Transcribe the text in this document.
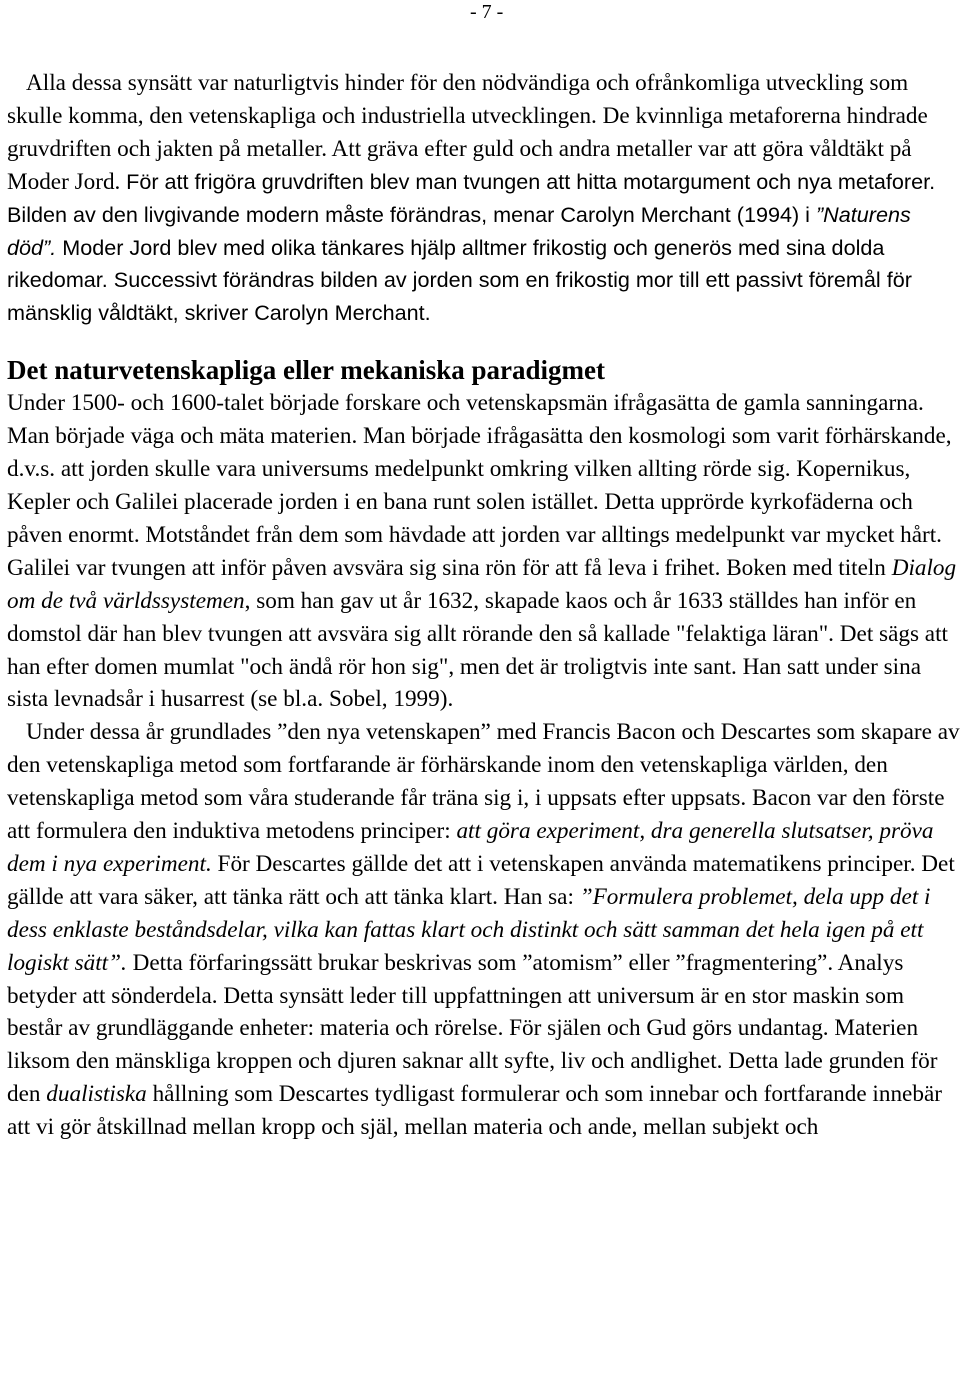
- 7 -

Alla dessa synsätt var naturligtvis hinder för den nödvändiga och ofrånkomliga utveckling som skulle komma, den vetenskapliga och industriella utvecklingen. De kvinnliga metaforerna hindrade gruvdriften och jakten på metaller. Att gräva efter guld och andra metaller var att göra våldtäkt på Moder Jord. För att frigöra gruvdriften blev man tvungen att hitta motargument och nya metaforer. Bilden av den livgivande modern måste förändras, menar Carolyn Merchant (1994) i ”Naturens död”. Moder Jord blev med olika tänkares hjälp alltmer frikostig och generös med sina dolda rikedomar. Successivt förändras bilden av jorden som en frikostig mor till ett passivt föremål för mänsklig våldtäkt, skriver Carolyn Merchant.

Det naturvetenskapliga eller mekaniska paradigmet

Under 1500- och 1600-talet började forskare och vetenskapsmän ifrågasätta de gamla sanningarna. Man började väga och mäta materien. Man började ifrågasätta den kosmologi som varit förhärskande, d.v.s. att jorden skulle vara universums medelpunkt omkring vilken allting rörde sig. Kopernikus, Kepler och Galilei placerade jorden i en bana runt solen istället. Detta upprörde kyrkofäderna och påven enormt. Motståndet från dem som hävdade att jorden var alltings medelpunkt var mycket hårt. Galilei var tvungen att inför påven avsvära sig sina rön för att få leva i frihet. Boken med titeln Dialog om de två världssystemen, som han gav ut år 1632, skapade kaos och år 1633 ställdes han inför en domstol där han blev tvungen att avsvära sig allt rörande den så kallade "felaktiga läran". Det sägs att han efter domen mumlat "och ändå rör hon sig", men det är troligtvis inte sant. Han satt under sina sista levnadsår i husarrest (se bl.a. Sobel, 1999).

Under dessa år grundlades ”den nya vetenskapen” med Francis Bacon och Descartes som skapare av den vetenskapliga metod som fortfarande är förhärskande inom den vetenskapliga världen, den vetenskapliga metod som våra studerande får träna sig i, i uppsats efter uppsats. Bacon var den förste att formulera den induktiva metodens principer: att göra experiment, dra generella slutsatser, pröva dem i nya experiment. För Descartes gällde det att i vetenskapen använda matematikens principer. Det gällde att vara säker, att tänka rätt och att tänka klart. Han sa: ”Formulera problemet, dela upp det i dess enklaste beståndsdelar, vilka kan fattas klart och distinkt och sätt samman det hela igen på ett logiskt sätt”. Detta förfaringssätt brukar beskrivas som ”atomism” eller ”fragmentering”. Analys betyder att sönderdela. Detta synsätt leder till uppfattningen att universum är en stor maskin som består av grundläggande enheter: materia och rörelse. För själen och Gud görs undantag. Materien liksom den mänskliga kroppen och djuren saknar allt syfte, liv och andlighet. Detta lade grunden för den dualistiska hållning som Descartes tydligast formulerar och som innebar och fortfarande innebär att vi gör åtskillnad mellan kropp och själ, mellan materia och ande, mellan subjekt och
